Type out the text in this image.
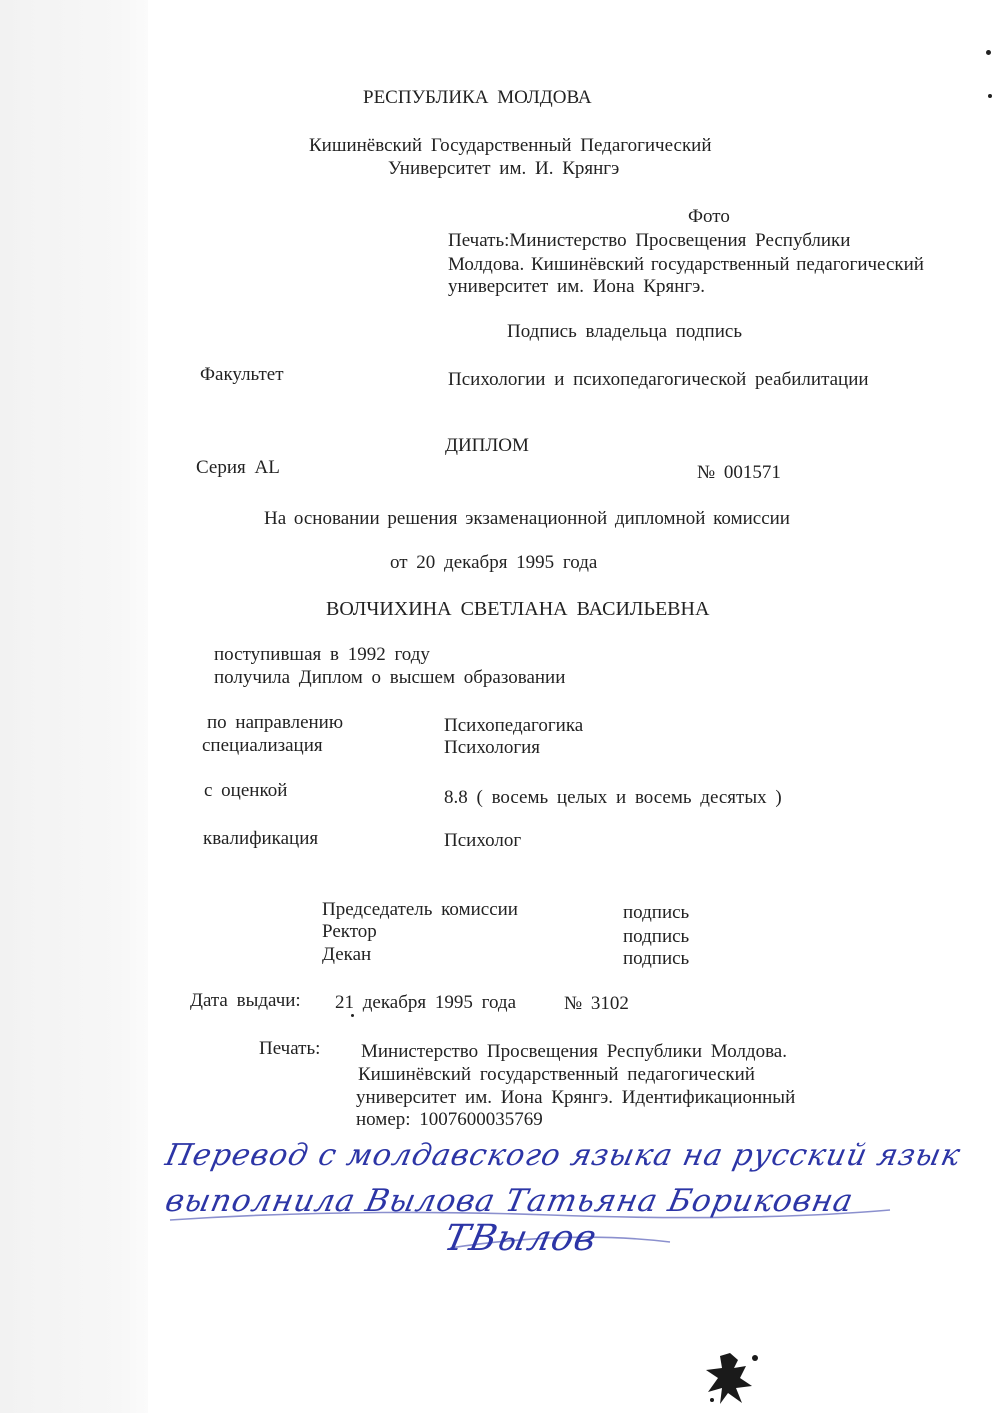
РЕСПУБЛИКА МОЛДОВА
Кишинёвский Государственный Педагогический
Университет им. И. Крянгэ
Фото
Печать:Министерство Просвещения Республики
Молдова. Кишинёвский государственный педагогический
университет им. Иона Крянгэ.
Подпись владельца подпись
Факультет	Психологии и психопедагогической реабилитации
ДИПЛОМ
Серия AL	№ 001571
На основании решения экзаменационной дипломной комиссии
от 20 декабря 1995 года
ВОЛЧИХИНА СВЕТЛАНА ВАСИЛЬЕВНА
поступившая в 1992 году
получила Диплом о высшем образовании
по направлению	Психопедагогика
специализация	Психология
с оценкой	8.8 ( восемь целых и восемь десятых )
квалификация	Психолог
Председатель комиссии	подпись
Ректор	подпись
Декан	подпись
Дата выдачи: 21 декабря 1995 года	№ 3102
Печать: Министерство Просвещения Республики Молдова.
Кишинёвский государственный педагогический
университет им. Иона Крянгэ. Идентификационный
номер: 1007600035769
Перевод с молдавского языка на русский язык
выполнила Вылова Татьяна Бориковна
ТВылов
